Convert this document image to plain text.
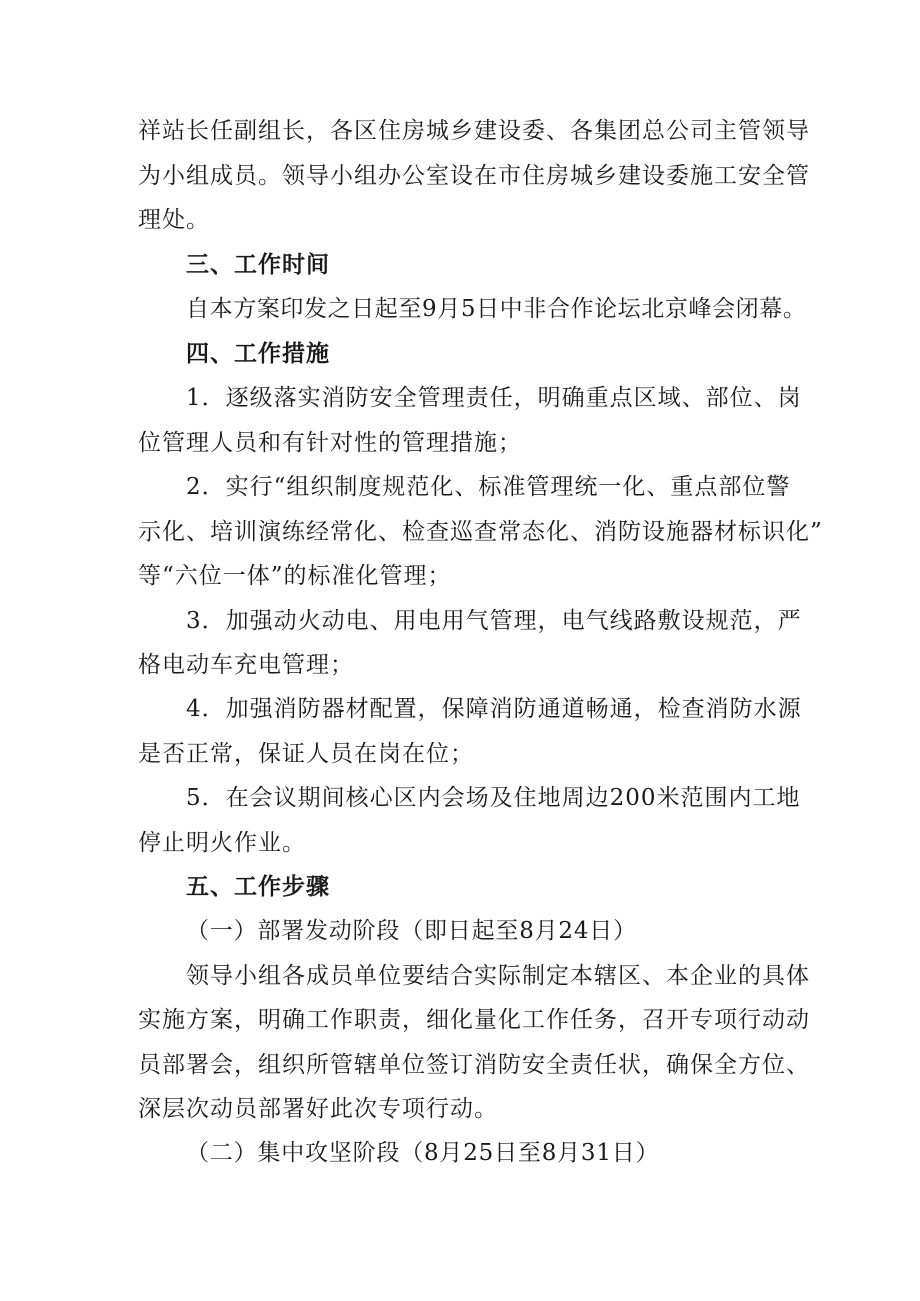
祥站长任副组长，各区住房城乡建设委、各集团总公司主管领导
为小组成员。领导小组办公室设在市住房城乡建设委施工安全管
理处。
三、工作时间
自本方案印发之日起至9月5日中非合作论坛北京峰会闭幕。
四、工作措施
1．逐级落实消防安全管理责任，明确重点区域、部位、岗
位管理人员和有针对性的管理措施；
2．实行“组织制度规范化、标准管理统一化、重点部位警
示化、培训演练经常化、检查巡查常态化、消防设施器材标识化”
等“六位一体”的标准化管理；
3．加强动火动电、用电用气管理，电气线路敷设规范，严
格电动车充电管理；
4．加强消防器材配置，保障消防通道畅通，检查消防水源
是否正常，保证人员在岗在位；
5．在会议期间核心区内会场及住地周边200米范围内工地
停止明火作业。
五、工作步骤
（一）部署发动阶段（即日起至8月24日）
领导小组各成员单位要结合实际制定本辖区、本企业的具体
实施方案，明确工作职责，细化量化工作任务，召开专项行动动
员部署会，组织所管辖单位签订消防安全责任状，确保全方位、
深层次动员部署好此次专项行动。
（二）集中攻坚阶段（8月25日至8月31日）
